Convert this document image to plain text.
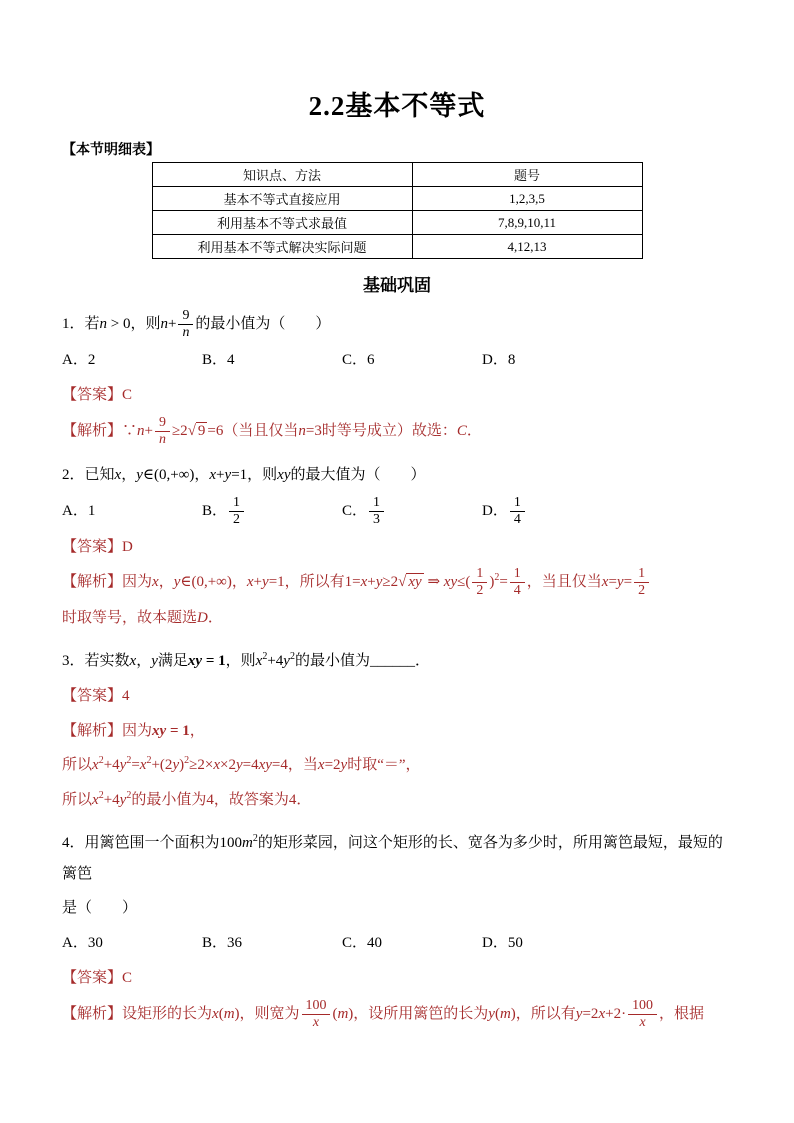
2.2基本不等式
【本节明细表】
知识点、方法	题号
基本不等式直接应用	1,2,3,5
利用基本不等式求最值	7,8,9,10,11
利用基本不等式解决实际问题	4,12,13
基础巩固
1．若n > 0，则$n+ \frac{9}{n}$ 的最小值为（　　）
A．2	B．4	C．6	D．8
【答案】C
【解析】∵n+ $\frac{9}{n} \ge 2√$ 9 =6（当且仅当n=3时等号成立）故选：C．
2．已知x，y∈(0,+∞)，x+y=1，则xy的最大值为（　　）
A．1	B． $\frac{1}{2}$	C． $\frac{1}{3}$	D． $\frac{1}{4}$
【答案】D
【解析】因为x，y∈(0,+∞)，x+y=1，所以有1=x+y≥2√ xy ⇒ $xy\le( \frac{1}{2} )^2= \frac{1}{4}$ ，当且仅当$x=y= \frac{1}{2}$
时取等号，故本题选D．
3．若实数x，y满足xy = 1，则$x^2+4y^2$的最小值为______．
【答案】4
【解析】因为xy = 1，
所以$x^2+4y^2=x^2+(2y)^2\ge 2\times x\times 2y=4xy=4$，当x=2y时取“＝”，
所以$x^2+4y^2$的最小值为4，故答案为4．
4．用篱笆围一个面积为$100m^2$的矩形菜园，问这个矩形的长、宽各为多少时，所用篱笆最短，最短的篱笆
是（　　）
A．30	B．36	C．40	D．50
【答案】C
【解析】设矩形的长为x(m)，则宽为 $\frac{100}{x} (m)$，设所用篱笆的长为y(m)，所以有$y=2x+2\cdot \frac{100}{x}$ ，根据
